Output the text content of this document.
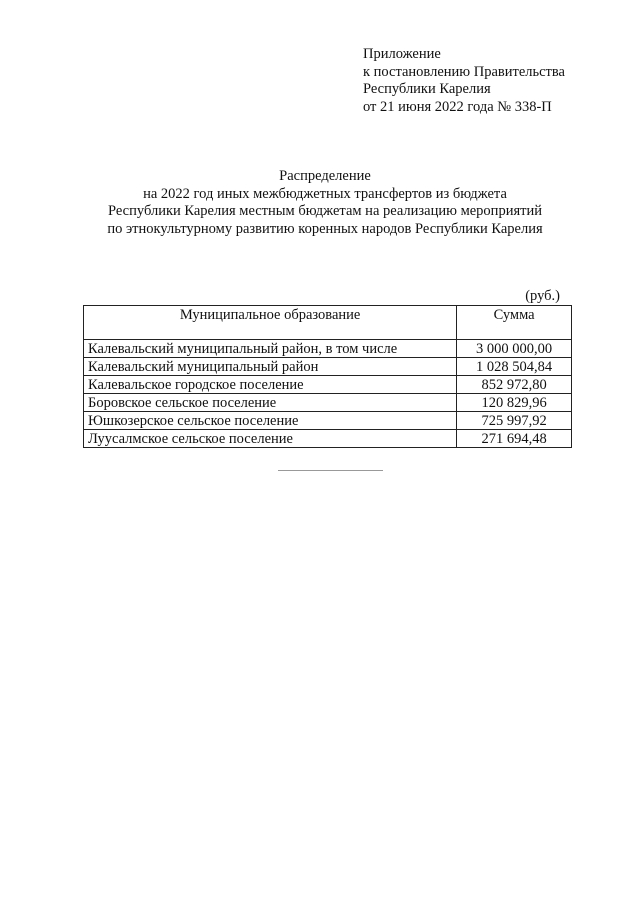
Приложение
к постановлению Правительства
Республики Карелия
от 21 июня 2022 года № 338-П
Распределение
на 2022 год иных межбюджетных трансфертов из бюджета
Республики Карелия местным бюджетам на реализацию мероприятий
по этнокультурному развитию коренных народов Республики Карелия
(руб.)
Муниципальное образование	Сумма
Калевальский муниципальный район, в том числе	3 000 000,00
Калевальский муниципальный район	1 028 504,84
Калевальское городское поселение	852 972,80
Боровское сельское поселение	120 829,96
Юшкозерское сельское поселение	725 997,92
Луусалмское сельское поселение	271 694,48
